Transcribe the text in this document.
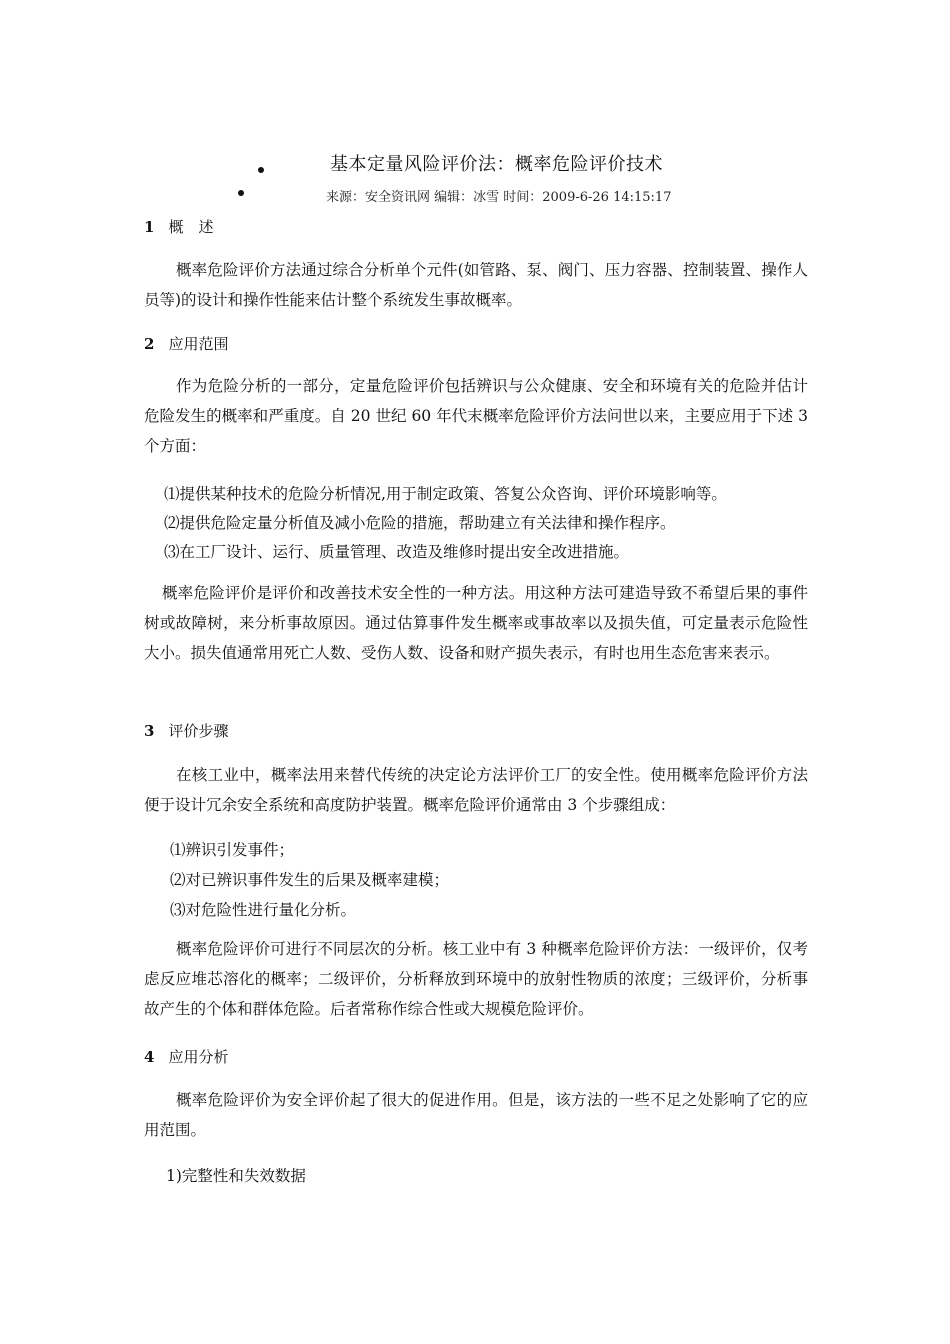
基本定量风险评价法：概率危险评价技术
来源：安全资讯网 编辑：冰雪 时间：2009-6-26 14:15:17
1 概　述
概率危险评价方法通过综合分析单个元件(如管路、泵、阀门、压力容器、控制装置、操作人员等)的设计和操作性能来估计整个系统发生事故概率。
2 应用范围
作为危险分析的一部分，定量危险评价包括辨识与公众健康、安全和环境有关的危险并估计危险发生的概率和严重度。自 20 世纪 60 年代末概率危险评价方法问世以来，主要应用于下述 3 个方面：
⑴提供某种技术的危险分析情况,用于制定政策、答复公众咨询、评价环境影响等。
⑵提供危险定量分析值及减小危险的措施，帮助建立有关法律和操作程序。
⑶在工厂设计、运行、质量管理、改造及维修时提出安全改进措施。
概率危险评价是评价和改善技术安全性的一种方法。用这种方法可建造导致不希望后果的事件树或故障树，来分析事故原因。通过估算事件发生概率或事故率以及损失值，可定量表示危险性大小。损失值通常用死亡人数、受伤人数、设备和财产损失表示，有时也用生态危害来表示。
3 评价步骤
在核工业中，概率法用来替代传统的决定论方法评价工厂的安全性。使用概率危险评价方法便于设计冗余安全系统和高度防护装置。概率危险评价通常由 3 个步骤组成：
⑴辨识引发事件；
⑵对已辨识事件发生的后果及概率建模；
⑶对危险性进行量化分析。
概率危险评价可进行不同层次的分析。核工业中有 3 种概率危险评价方法：一级评价，仅考虑反应堆芯溶化的概率；二级评价，分析释放到环境中的放射性物质的浓度；三级评价，分析事故产生的个体和群体危险。后者常称作综合性或大规模危险评价。
4 应用分析
概率危险评价为安全评价起了很大的促进作用。但是，该方法的一些不足之处影响了它的应用范围。
1)完整性和失效数据
